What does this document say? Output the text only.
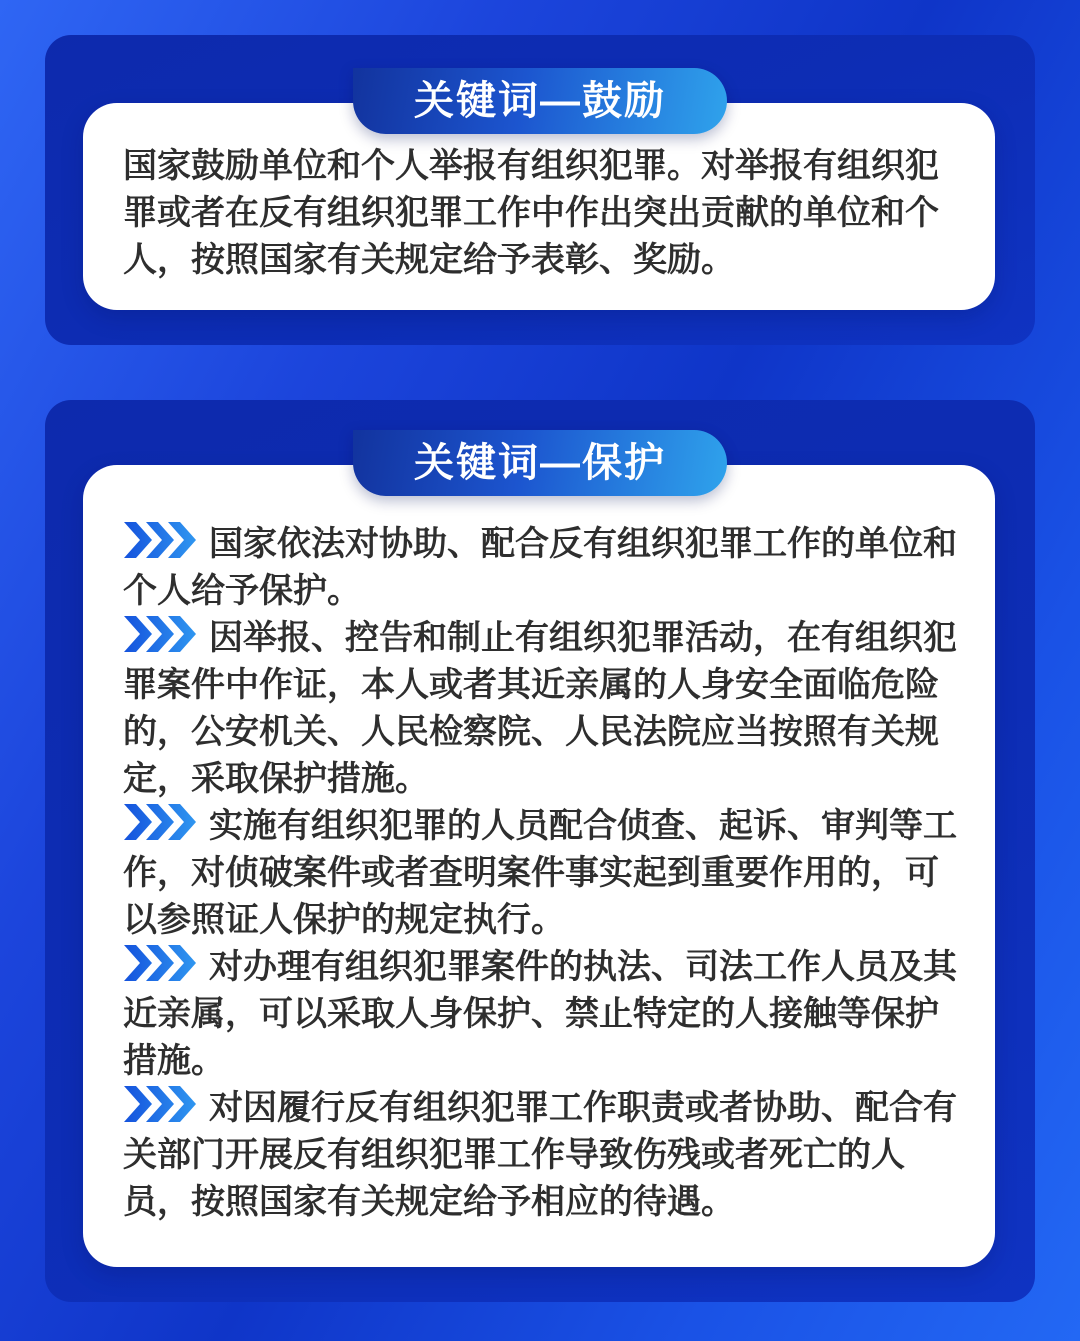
关键词—鼓励

国家鼓励单位和个人举报有组织犯罪。对举报有组织犯罪或者在反有组织犯罪工作中作出突出贡献的单位和个人，按照国家有关规定给予表彰、奖励。

关键词—保护

国家依法对协助、配合反有组织犯罪工作的单位和个人给予保护。

因举报、控告和制止有组织犯罪活动，在有组织犯罪案件中作证，本人或者其近亲属的人身安全面临危险的，公安机关、人民检察院、人民法院应当按照有关规定，采取保护措施。

实施有组织犯罪的人员配合侦查、起诉、审判等工作，对侦破案件或者查明案件事实起到重要作用的，可以参照证人保护的规定执行。

对办理有组织犯罪案件的执法、司法工作人员及其近亲属，可以采取人身保护、禁止特定的人接触等保护措施。

对因履行反有组织犯罪工作职责或者协助、配合有关部门开展反有组织犯罪工作导致伤残或者死亡的人员，按照国家有关规定给予相应的待遇。
